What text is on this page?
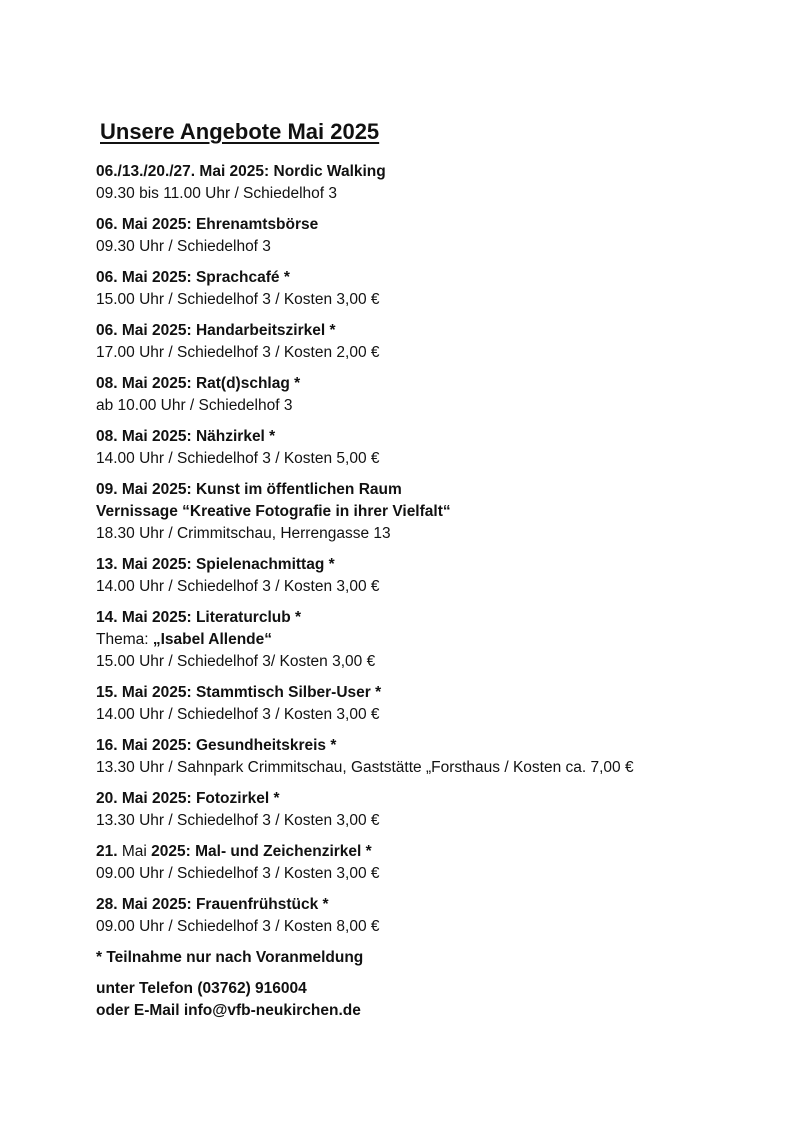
Unsere Angebote Mai 2025
06./13./20./27. Mai 2025: Nordic Walking
09.30 bis 11.00 Uhr / Schiedelhof 3
06. Mai 2025: Ehrenamtsbörse
09.30 Uhr / Schiedelhof 3
06. Mai 2025: Sprachcafé *
15.00 Uhr / Schiedelhof 3 / Kosten 3,00 €
06. Mai 2025: Handarbeitszirkel *
17.00 Uhr / Schiedelhof 3 / Kosten 2,00 €
08. Mai 2025: Rat(d)schlag *
ab 10.00 Uhr / Schiedelhof 3
08. Mai 2025: Nähzirkel *
14.00 Uhr / Schiedelhof 3 / Kosten 5,00 €
09. Mai 2025: Kunst im öffentlichen Raum
Vernissage “Kreative Fotografie in ihrer Vielfalt“
18.30 Uhr / Crimmitschau, Herrengasse 13
13. Mai 2025: Spielenachmittag *
14.00 Uhr / Schiedelhof 3 / Kosten 3,00 €
14. Mai 2025: Literaturclub *
Thema: „Isabel Allende“
15.00 Uhr / Schiedelhof 3/ Kosten 3,00 €
15. Mai 2025: Stammtisch Silber-User *
14.00 Uhr / Schiedelhof 3 / Kosten 3,00 €
16. Mai 2025: Gesundheitskreis *
13.30 Uhr / Sahnpark Crimmitschau, Gaststätte „Forsthaus / Kosten ca. 7,00 €
20. Mai 2025: Fotozirkel *
13.30 Uhr / Schiedelhof 3 / Kosten 3,00 €
21. Mai 2025: Mal- und Zeichenzirkel *
09.00 Uhr / Schiedelhof 3 / Kosten 3,00 €
28. Mai 2025: Frauenfrühstück *
09.00 Uhr / Schiedelhof 3 / Kosten 8,00 €
* Teilnahme nur nach Voranmeldung
unter Telefon (03762) 916004
oder E-Mail info@vfb-neukirchen.de
